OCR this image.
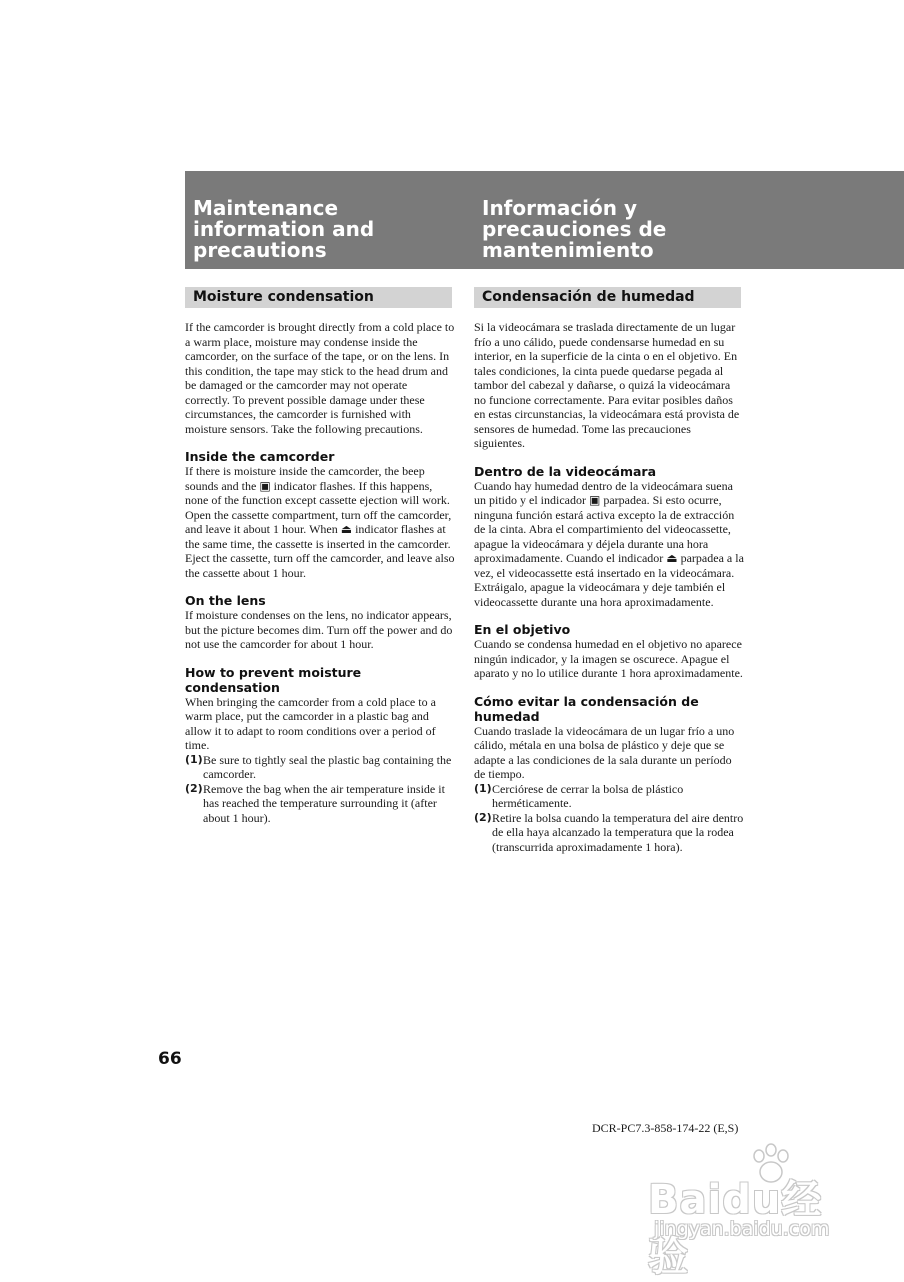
Maintenance
information and
precautions
Información y
precauciones de
mantenimiento
Moisture condensation

If the camcorder is brought directly from a cold place to a warm place, moisture may condense inside the camcorder, on the surface of the tape, or on the lens. In this condition, the tape may stick to the head drum and be damaged or the camcorder may not operate correctly. To prevent possible damage under these circumstances, the camcorder is furnished with moisture sensors. Take the following precautions.

Inside the camcorder

If there is moisture inside the camcorder, the beep sounds and the ▣ indicator flashes. If this happens, none of the function except cassette ejection will work. Open the cassette compartment, turn off the camcorder, and leave it about 1 hour. When ⏏ indicator flashes at the same time, the cassette is inserted in the camcorder. Eject the cassette, turn off the camcorder, and leave also the cassette about 1 hour.

On the lens

If moisture condenses on the lens, no indicator appears, but the picture becomes dim. Turn off the power and do not use the camcorder for about 1 hour.

How to prevent moisture condensation

When bringing the camcorder from a cold place to a warm place, put the camcorder in a plastic bag and allow it to adapt to room conditions over a period of time.

(1) Be sure to tightly seal the plastic bag containing the camcorder.
(2) Remove the bag when the air temperature inside it has reached the temperature surrounding it (after about 1 hour).
Condensación de humedad

Si la videocámara se traslada directamente de un lugar frío a uno cálido, puede condensarse humedad en su interior, en la superficie de la cinta o en el objetivo. En tales condiciones, la cinta puede quedarse pegada al tambor del cabezal y dañarse, o quizá la videocámara no funcione correctamente. Para evitar posibles daños en estas circunstancias, la videocámara está provista de sensores de humedad. Tome las precauciones siguientes.

Dentro de la videocámara

Cuando hay humedad dentro de la videocámara suena un pitido y el indicador ▣ parpadea. Si esto ocurre, ninguna función estará activa excepto la de extracción de la cinta. Abra el compartimiento del videocassette, apague la videocámara y déjela durante una hora aproximadamente. Cuando el indicador ⏏ parpadea a la vez, el videocassette está insertado en la videocámara. Extráigalo, apague la videocámara y deje también el videocassette durante una hora aproximadamente.

En el objetivo

Cuando se condensa humedad en el objetivo no aparece ningún indicador, y la imagen se oscurece. Apague el aparato y no lo utilice durante 1 hora aproximadamente.

Cómo evitar la condensación de humedad

Cuando traslade la videocámara de un lugar frío a uno cálido, métala en una bolsa de plástico y deje que se adapte a las condiciones de la sala durante un período de tiempo.

(1) Cerciórese de cerrar la bolsa de plástico herméticamente.
(2) Retire la bolsa cuando la temperatura del aire dentro de ella haya alcanzado la temperatura que la rodea (transcurrida aproximadamente 1 hora).
66
DCR-PC7.3-858-174-22 (E,S)
Baidu经验
jingyan.baidu.com
